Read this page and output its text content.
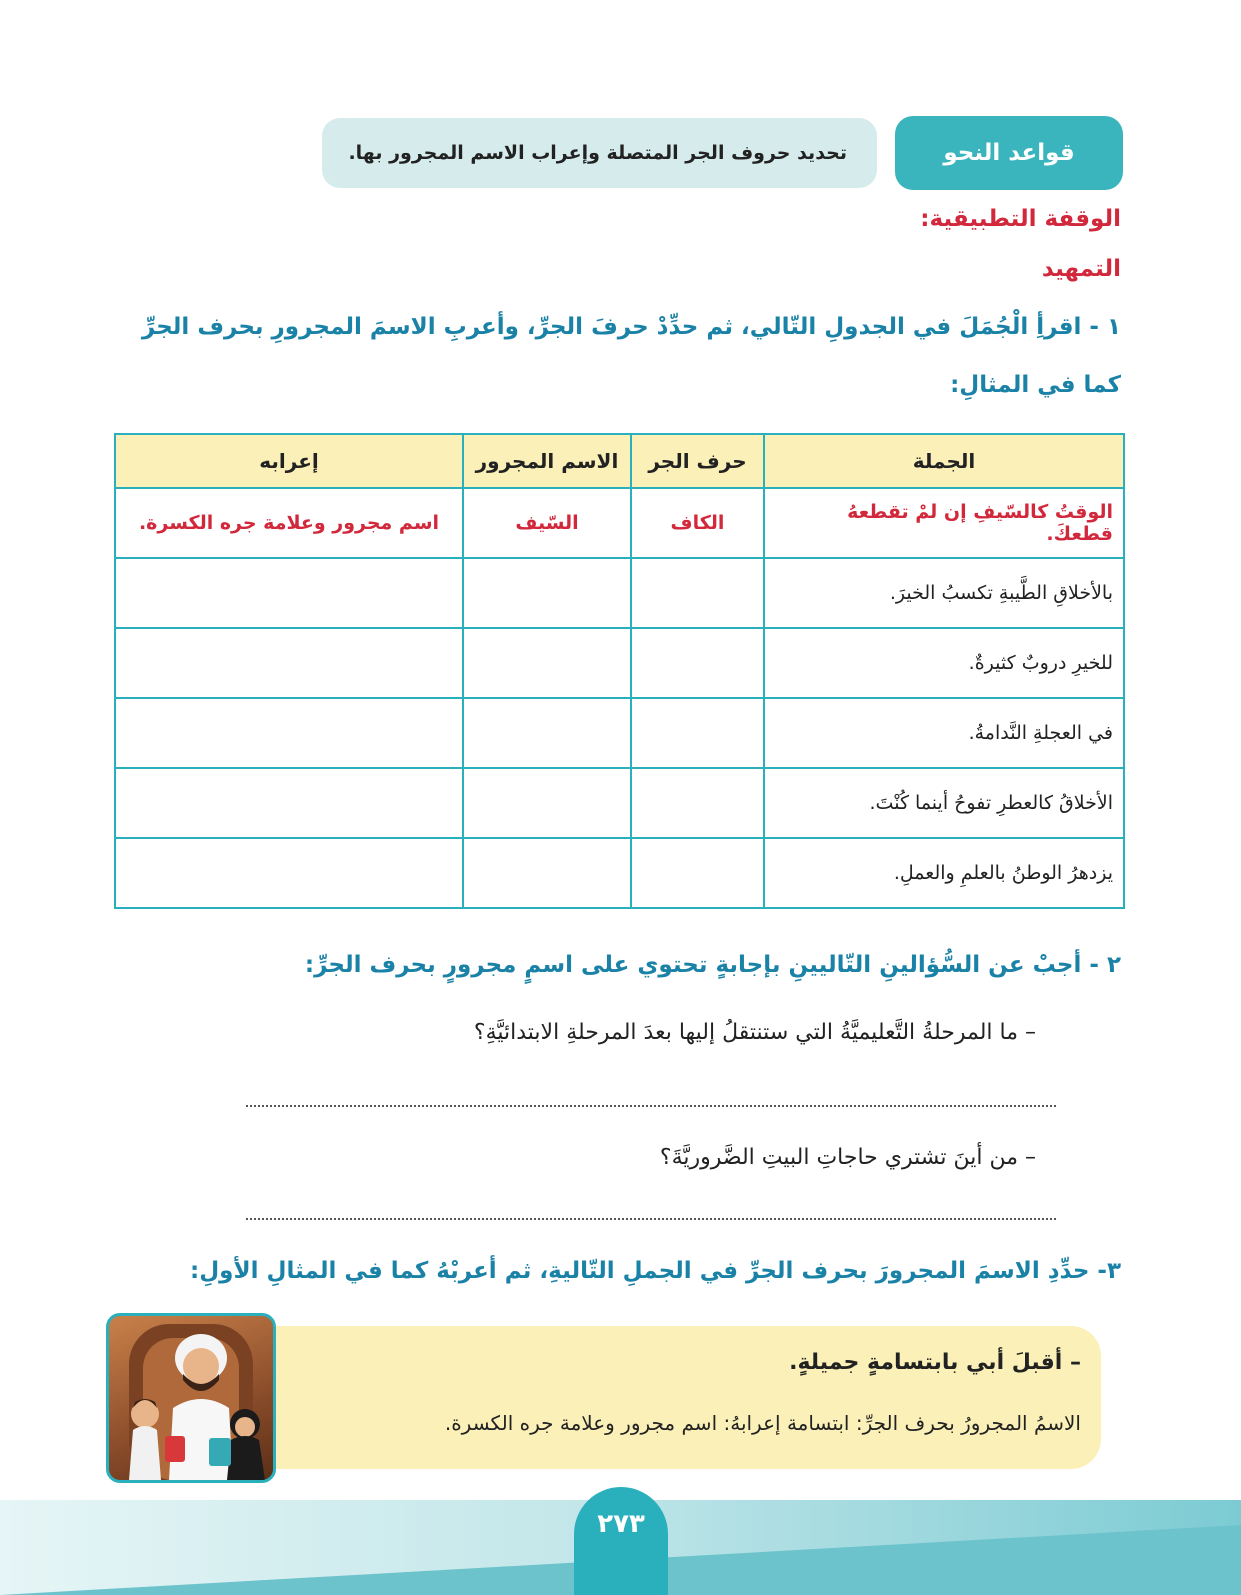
تحديد حروف الجر المتصلة وإعراب الاسم المجرور بها.	قواعد النحو
الوقفة التطبيقية:
التمهيد
١ - اقرأِ الْجُمَلَ في الجدولِ التّالي، ثم حدِّدْ حرفَ الجرِّ، وأعربِ الاسمَ المجرورِ بحرف الجرِّ
كما في المثالِ:
الجملة	حرف الجر	الاسم المجرور	إعرابه
الوقتُ كالسّيفِ إن لمْ تقطعهُ قطعكَ.	الكاف	السّيف	اسم مجرور وعلامة جره الكسرة.
بالأخلاقِ الطَّيبةِ تكسبُ الخيرَ.			
للخيرِ دروبٌ كثيرةٌ.			
في العجلةِ النَّدامةُ.			
الأخلاقُ كالعطرِ تفوحُ أينما كُنْتَ.			
يزدهرُ الوطنُ بالعلمِ والعملِ.			
٢ - أجبْ عن السُّؤالينِ التّاليينِ بإجابةٍ تحتوي على اسمٍ مجرورٍ بحرف الجرِّ:
– ما المرحلةُ التَّعليميَّةُ التي ستنتقلُ إليها بعدَ المرحلةِ الابتدائيَّةِ؟
– من أينَ تشتري حاجاتِ البيتِ الضَّروريَّةَ؟
٣- حدِّدِ الاسمَ المجرورَ بحرف الجرِّ في الجملِ التّاليةِ، ثم أعربْهُ كما في المثالِ الأولِ:
– أقبلَ أبي بابتسامةٍ جميلةٍ.
الاسمُ المجرورُ بحرف الجرِّ: ابتسامة إعرابهُ: اسم مجرور وعلامة جره الكسرة.
٢٧٣
